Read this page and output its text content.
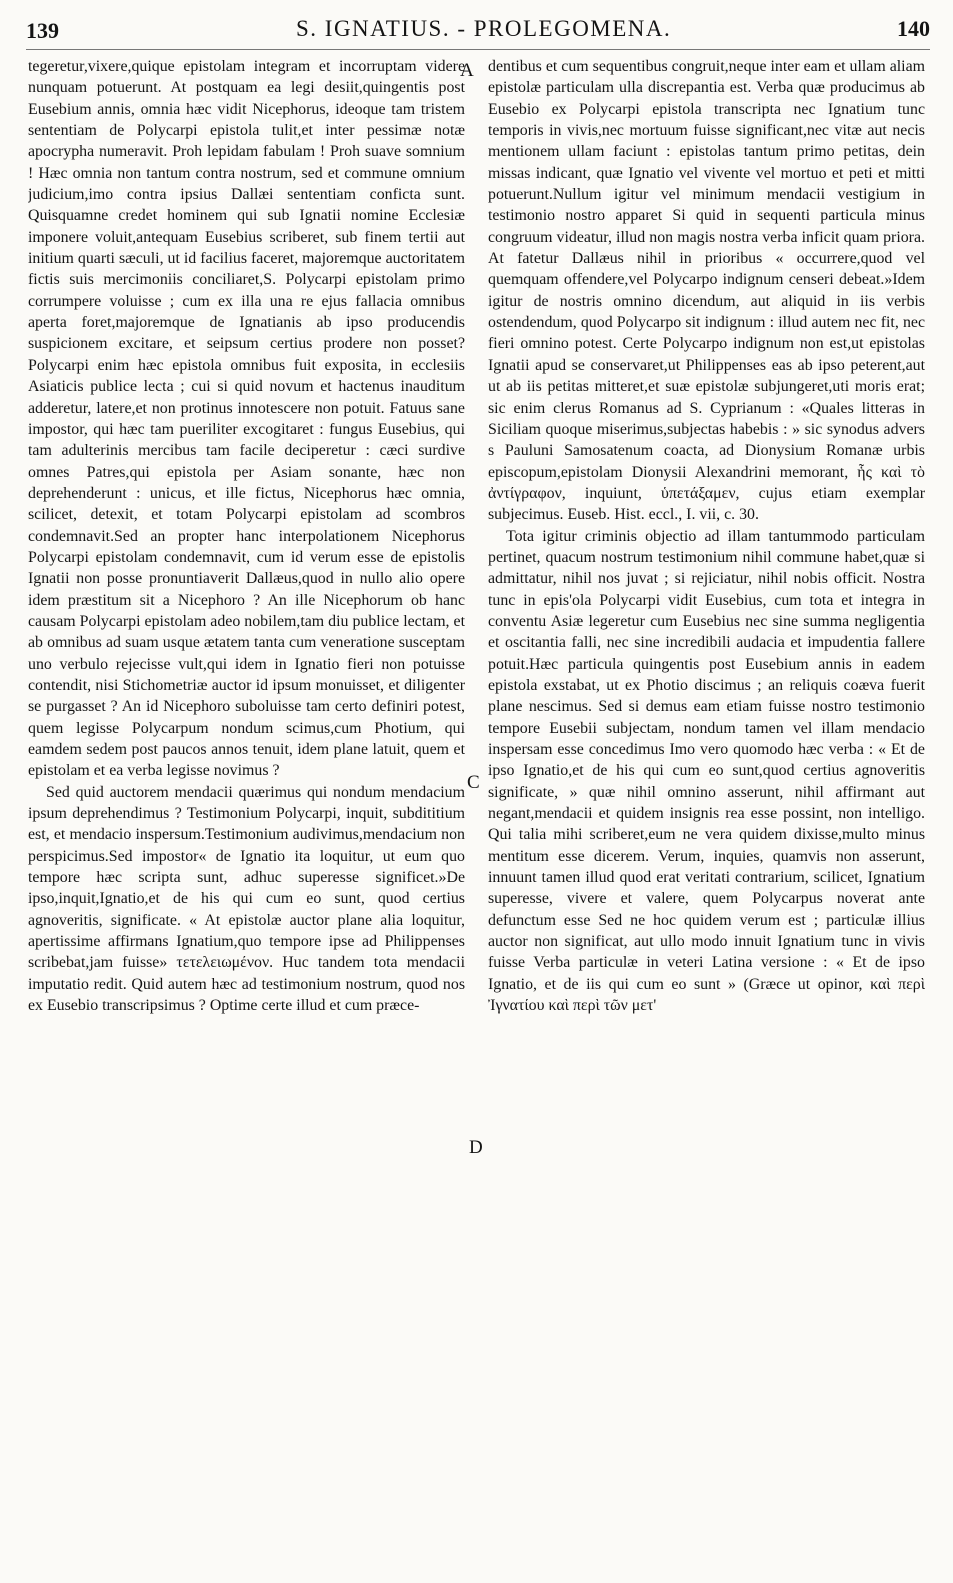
139	S. IGNATIUS. - PROLEGOMENA.	140

tegeretur,vixere,quique epistolam integram et incorruptam videre nunquam potuerunt. At postquam ea legi desiit,quingentis post Eusebium annis, omnia hæc vidit Nicephorus, ideoque tam tristem sententiam de Polycarpi epistola tulit,et inter pessimæ notæ apocrypha numeravit. Proh lepidam fabulam ! Proh suave somnium ! Hæc omnia non tantum contra nostrum, sed et commune omnium judicium,imo contra ipsius Dallæi sententiam conficta sunt. Quisquamne credet hominem qui sub Ignatii nomine Ecclesiæ imponere voluit,antequam Eusebius scriberet, sub finem tertii aut initium quarti sæculi, ut id facilius faceret, majoremque auctoritatem fictis suis mercimoniis conciliaret,S. Polycarpi epistolam primo corrumpere voluisse ; cum ex illa una re ejus fallacia omnibus aperta foret,majoremque de Ignatianis ab ipso producendis suspicionem excitare, et seipsum certius prodere non posset? Polycarpi enim hæc epistola omnibus fuit exposita, in ecclesiis Asiaticis publice lecta ; cui si quid novum et hactenus inauditum adderetur, latere,et non protinus innotescere non potuit. Fatuus sane impostor, qui hæc tam pueriliter excogitaret : fungus Eusebius, qui tam adulterinis mercibus tam facile deciperetur : cæci surdive omnes Patres,qui epistola per Asiam sonante, hæc non deprehenderunt : unicus, et ille fictus, Nicephorus hæc omnia, scilicet, detexit, et totam Polycarpi epistolam ad scombros condemnavit.Sed an propter hanc interpolationem Nicephorus Polycarpi epistolam condemnavit, cum id verum esse de epistolis Ignatii non posse pronuntiaverit Dallæus,quod in nullo alio opere idem præstitum sit a Nicephoro ? An ille Nicephorum ob hanc causam Polycarpi epistolam adeo nobilem,tam diu publice lectam, et ab omnibus ad suam usque ætatem tanta cum veneratione susceptam uno verbulo rejecisse vult,qui idem in Ignatio fieri non potuisse contendit, nisi Stichometriæ auctor id ipsum monuisset, et diligenter se purgasset ? An id Nicephoro suboluisse tam certo definiri potest, quem legisse Polycarpum nondum scimus,cum Photium, qui eamdem sedem post paucos annos tenuit, idem plane latuit, quem et epistolam et ea verba legisse novimus ?

Sed quid auctorem mendacii quærimus qui nondum mendacium ipsum deprehendimus ? Testimonium Polycarpi, inquit, subdititium est, et mendacio inspersum.Testimonium audivimus,mendacium non perspicimus.Sed impostor« de Ignatio ita loquitur, ut eum quo tempore hæc scripta sunt, adhuc superesse significet.»De ipso,inquit,Ignatio,et de his qui cum eo sunt, quod certius agnoveritis, significate. « At epistolæ auctor plane alia loquitur, apertissime affirmans Ignatium,quo tempore ipse ad Philippenses scribebat,jam fuisse» τετελειωμένον. Huc tandem tota mendacii imputatio redit. Quid autem hæc ad testimonium nostrum, quod nos ex Eusebio transcripsimus ? Optime certe illud et cum præce-

A
C
D

dentibus et cum sequentibus congruit,neque inter eam et ullam aliam epistolæ particulam ulla discrepantia est. Verba quæ producimus ab Eusebio ex Polycarpi epistola transcripta nec Ignatium tunc temporis in vivis,nec mortuum fuisse significant,nec vitæ aut necis mentionem ullam faciunt : epistolas tantum primo petitas, dein missas indicant, quæ Ignatio vel vivente vel mortuo et peti et mitti potuerunt.Nullum igitur vel minimum mendacii vestigium in testimonio nostro apparet Si quid in sequenti particula minus congruum videatur, illud non magis nostra verba inficit quam priora. At fatetur Dallæus nihil in prioribus « occurrere,quod vel quemquam offendere,vel Polycarpo indignum censeri debeat.»Idem igitur de nostris omnino dicendum, aut aliquid in iis verbis ostendendum, quod Polycarpo sit indignum : illud autem nec fit, nec fieri omnino potest. Certe Polycarpo indignum non est,ut epistolas Ignatii apud se conservaret,ut Philippenses eas ab ipso peterent,aut ut ab iis petitas mitteret,et suæ epistolæ subjungeret,uti moris erat; sic enim clerus Romanus ad S. Cyprianum : «Quales litteras in Siciliam quoque miserimus,subjectas habebis : » sic synodus advers s Pauluni Samosatenum coacta, ad Dionysium Romanæ urbis episcopum,epistolam Dionysii Alexandrini memorant, ἧς καὶ τὸ ἀντίγραφον, inquiunt, ὑπετάξαμεν, cujus etiam exemplar subjecimus. Euseb. Hist. eccl., I. vii, c. 30.

Tota igitur criminis objectio ad illam tantummodo particulam pertinet, quacum nostrum testimonium nihil commune habet,quæ si admittatur, nihil nos juvat ; si rejiciatur, nihil nobis officit. Nostra tunc in epis'ola Polycarpi vidit Eusebius, cum tota et integra in conventu Asiæ legeretur cum Eusebius nec sine summa negligentia et oscitantia falli, nec sine incredibili audacia et impudentia fallere potuit.Hæc particula quingentis post Eusebium annis in eadem epistola exstabat, ut ex Photio discimus ; an reliquis coæva fuerit plane nescimus. Sed si demus eam etiam fuisse nostro testimonio tempore Eusebii subjectam, nondum tamen vel illam mendacio inspersam esse concedimus Imo vero quomodo hæc verba : « Et de ipso Ignatio,et de his qui cum eo sunt,quod certius agnoveritis significate, » quæ nihil omnino asserunt, nihil affirmant aut negant,mendacii et quidem insignis rea esse possint, non intelligo. Qui talia mihi scriberet,eum ne vera quidem dixisse,multo minus mentitum esse dicerem. Verum, inquies, quamvis non asserunt, innuunt tamen illud quod erat veritati contrarium, scilicet, Ignatium superesse, vivere et valere, quem Polycarpus noverat ante defunctum esse Sed ne hoc quidem verum est ; particulæ illius auctor non significat, aut ullo modo innuit Ignatium tunc in vivis fuisse Verba particulæ in veteri Latina versione : « Et de ipso Ignatio, et de iis qui cum eo sunt » (Græce ut opinor, καὶ περὶ Ἰγνατίου καὶ περὶ τῶν μετ'
